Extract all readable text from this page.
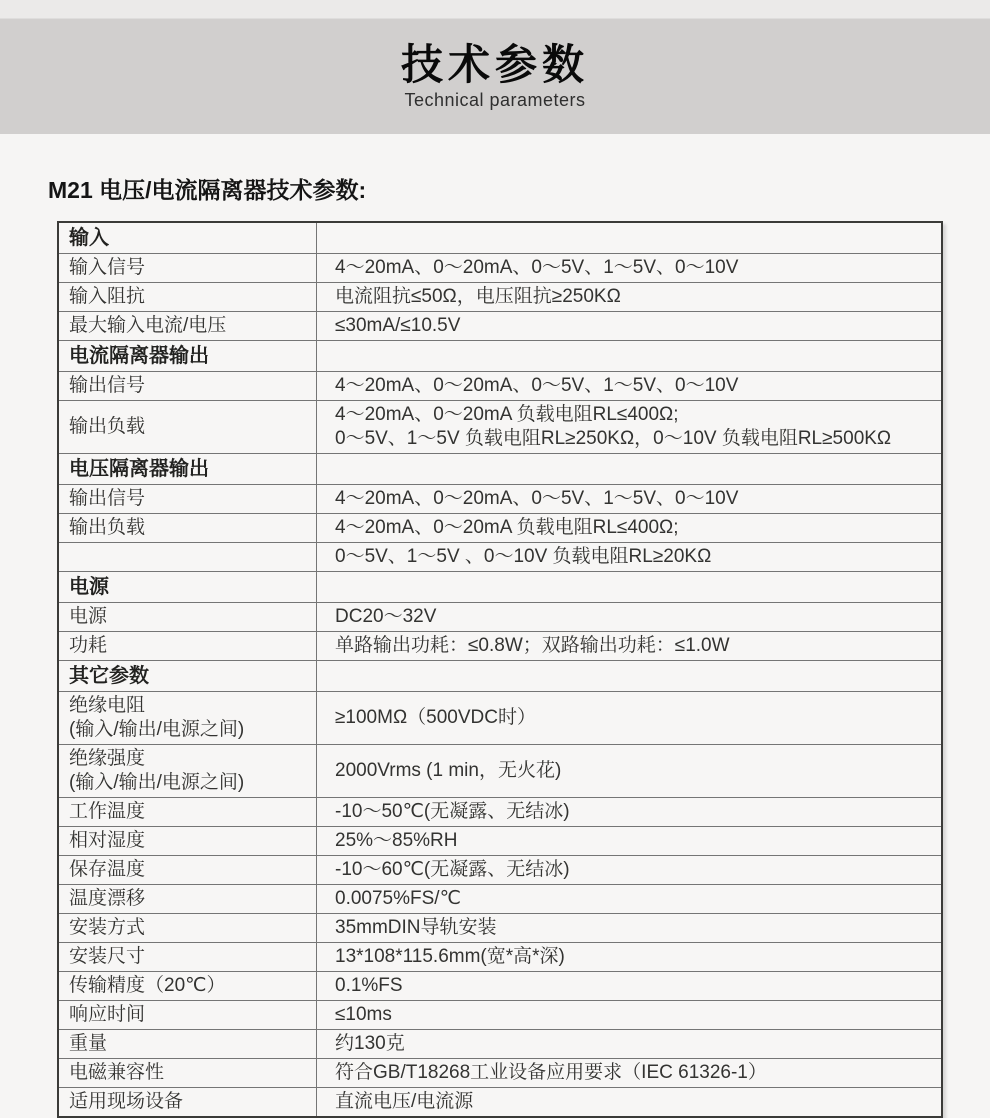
技术参数
Technical parameters
M21 电压/电流隔离器技术参数:
输入	

输入信号	4～20mA、0～20mA、0～5V、1～5V、0～10V

输入阻抗	电流阻抗≤50Ω，电压阻抗≥250KΩ

最大输入电流/电压	≤30mA/≤10.5V

电流隔离器输出	

输出信号	4～20mA、0～20mA、0～5V、1～5V、0～10V

输出负载	4～20mA、0～20mA 负载电阻RL≤400Ω;
0～5V、1～5V 负载电阻RL≥250KΩ，0～10V 负载电阻RL≥500KΩ

电压隔离器输出	

输出信号	4～20mA、0～20mA、0～5V、1～5V、0～10V

输出负载	4～20mA、0～20mA 负载电阻RL≤400Ω;

	0～5V、1～5V 、0～10V 负载电阻RL≥20KΩ

电源	

电源	DC20～32V

功耗	单路输出功耗：≤0.8W；双路输出功耗：≤1.0W

其它参数	

绝缘电阻
(输入/输出/电源之间)	≥100MΩ（500VDC时）

绝缘强度
(输入/输出/电源之间)	2000Vrms (1 min，无火花)

工作温度	-10～50℃(无凝露、无结冰)

相对湿度	25%～85%RH

保存温度	-10～60℃(无凝露、无结冰)

温度漂移	0.0075%FS/℃

安装方式	35mmDIN导轨安装

安装尺寸	13*108*115.6mm(宽*高*深)

传输精度（20℃）	0.1%FS

响应时间	≤10ms

重量	约130克

电磁兼容性	符合GB/T18268工业设备应用要求（IEC 61326-1）

适用现场设备	直流电压/电流源
